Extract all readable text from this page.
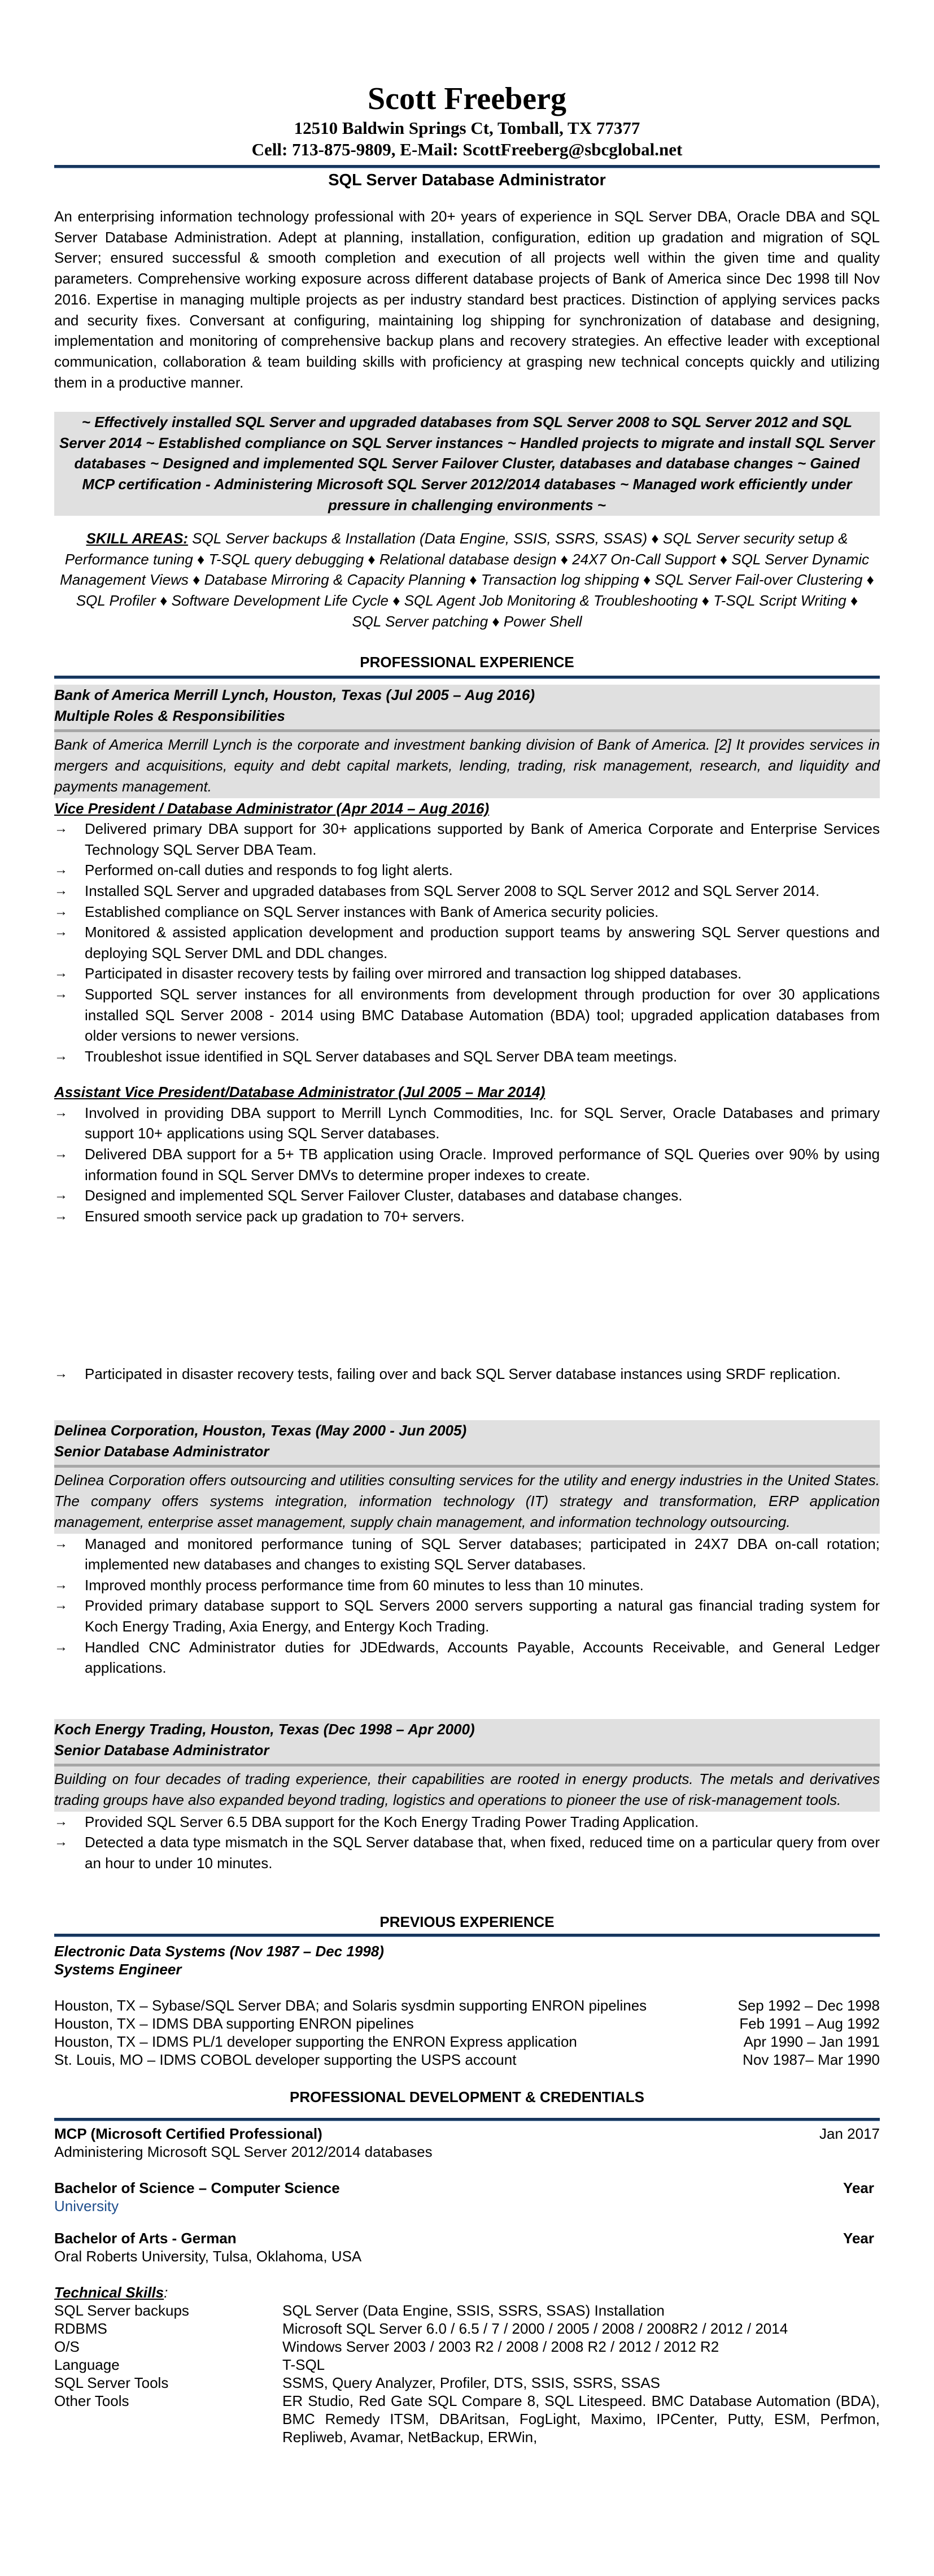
Scott Freeberg
12510 Baldwin Springs Ct, Tomball, TX 77377
Cell: 713-875-9809, E-Mail: ScottFreeberg@sbcglobal.net
SQL Server Database Administrator
An enterprising information technology professional with 20+ years of experience in SQL Server DBA, Oracle DBA and SQL Server Database Administration. Adept at planning, installation, configuration, edition up gradation and migration of SQL Server; ensured successful & smooth completion and execution of all projects well within the given time and quality parameters. Comprehensive working exposure across different database projects of Bank of America since Dec 1998 till Nov 2016. Expertise in managing multiple projects as per industry standard best practices. Distinction of applying services packs and security fixes. Conversant at configuring, maintaining log shipping for synchronization of database and designing, implementation and monitoring of comprehensive backup plans and recovery strategies. An effective leader with exceptional communication, collaboration & team building skills with proficiency at grasping new technical concepts quickly and utilizing them in a productive manner.
~ Effectively installed SQL Server and upgraded databases from SQL Server 2008 to SQL Server 2012 and SQL Server 2014 ~ Established compliance on SQL Server instances ~ Handled projects to migrate and install SQL Server databases ~ Designed and implemented SQL Server Failover Cluster, databases and database changes ~ Gained MCP certification - Administering Microsoft SQL Server 2012/2014 databases ~ Managed work efficiently under pressure in challenging environments ~
SKILL AREAS: SQL Server backups & Installation (Data Engine, SSIS, SSRS, SSAS) ♦ SQL Server security setup & Performance tuning ♦ T-SQL query debugging ♦ Relational database design ♦ 24X7 On-Call Support ♦ SQL Server Dynamic Management Views ♦ Database Mirroring & Capacity Planning ♦ Transaction log shipping ♦ SQL Server Fail-over Clustering ♦ SQL Profiler ♦ Software Development Life Cycle ♦ SQL Agent Job Monitoring & Troubleshooting ♦ T-SQL Script Writing ♦ SQL Server patching ♦ Power Shell
PROFESSIONAL EXPERIENCE
Bank of America Merrill Lynch, Houston, Texas (Jul 2005 – Aug 2016)
Multiple Roles & Responsibilities
Bank of America Merrill Lynch is the corporate and investment banking division of Bank of America. [2] It provides services in mergers and acquisitions, equity and debt capital markets, lending, trading, risk management, research, and liquidity and payments management.
Vice President / Database Administrator (Apr 2014 – Aug 2016)
→ Delivered primary DBA support for 30+ applications supported by Bank of America Corporate and Enterprise Services Technology SQL Server DBA Team.
→ Performed on-call duties and responds to fog light alerts.
→ Installed SQL Server and upgraded databases from SQL Server 2008 to SQL Server 2012 and SQL Server 2014.
→ Established compliance on SQL Server instances with Bank of America security policies.
→ Monitored & assisted application development and production support teams by answering SQL Server questions and deploying SQL Server DML and DDL changes.
→ Participated in disaster recovery tests by failing over mirrored and transaction log shipped databases.
→ Supported SQL server instances for all environments from development through production for over 30 applications installed SQL Server 2008 - 2014 using BMC Database Automation (BDA) tool; upgraded application databases from older versions to newer versions.
→ Troubleshot issue identified in SQL Server databases and SQL Server DBA team meetings.
Assistant Vice President/Database Administrator (Jul 2005 – Mar 2014)
→ Involved in providing DBA support to Merrill Lynch Commodities, Inc. for SQL Server, Oracle Databases and primary support 10+ applications using SQL Server databases.
→ Delivered DBA support for a 5+ TB application using Oracle. Improved performance of SQL Queries over 90% by using information found in SQL Server DMVs to determine proper indexes to create.
→ Designed and implemented SQL Server Failover Cluster, databases and database changes.
→ Ensured smooth service pack up gradation to 70+ servers.
→ Participated in disaster recovery tests, failing over and back SQL Server database instances using SRDF replication.
Delinea Corporation, Houston, Texas (May 2000 - Jun 2005)
Senior Database Administrator
Delinea Corporation offers outsourcing and utilities consulting services for the utility and energy industries in the United States. The company offers systems integration, information technology (IT) strategy and transformation, ERP application management, enterprise asset management, supply chain management, and information technology outsourcing.
→ Managed and monitored performance tuning of SQL Server databases; participated in 24X7 DBA on-call rotation; implemented new databases and changes to existing SQL Server databases.
→ Improved monthly process performance time from 60 minutes to less than 10 minutes.
→ Provided primary database support to SQL Servers 2000 servers supporting a natural gas financial trading system for Koch Energy Trading, Axia Energy, and Entergy Koch Trading.
→ Handled CNC Administrator duties for JDEdwards, Accounts Payable, Accounts Receivable, and General Ledger applications.
Koch Energy Trading, Houston, Texas (Dec 1998 – Apr 2000)
Senior Database Administrator
Building on four decades of trading experience, their capabilities are rooted in energy products. The metals and derivatives trading groups have also expanded beyond trading, logistics and operations to pioneer the use of risk-management tools.
→ Provided SQL Server 6.5 DBA support for the Koch Energy Trading Power Trading Application.
→ Detected a data type mismatch in the SQL Server database that, when fixed, reduced time on a particular query from over an hour to under 10 minutes.
PREVIOUS EXPERIENCE
Electronic Data Systems (Nov 1987 – Dec 1998)
Systems Engineer
Houston, TX – Sybase/SQL Server DBA; and Solaris sysdmin supporting ENRON pipelines	Sep 1992 – Dec 1998
Houston, TX – IDMS DBA supporting ENRON pipelines	Feb 1991 – Aug 1992
Houston, TX – IDMS PL/1 developer supporting the ENRON Express application	Apr 1990 – Jan 1991
St. Louis, MO – IDMS COBOL developer supporting the USPS account	Nov 1987– Mar 1990
PROFESSIONAL DEVELOPMENT & CREDENTIALS
MCP (Microsoft Certified Professional)	Jan 2017
Administering Microsoft SQL Server 2012/2014 databases
Bachelor of Science – Computer Science	Year
University
Bachelor of Arts - German	Year
Oral Roberts University, Tulsa, Oklahoma, USA
Technical Skills:
SQL Server backups	SQL Server (Data Engine, SSIS, SSRS, SSAS) Installation
RDBMS	Microsoft SQL Server 6.0 / 6.5 / 7 / 2000 / 2005 / 2008 / 2008R2 / 2012 / 2014
O/S	Windows Server 2003 / 2003 R2 / 2008 / 2008 R2 / 2012 / 2012 R2
Language	T-SQL
SQL Server Tools	SSMS, Query Analyzer, Profiler, DTS, SSIS, SSRS, SSAS
Other Tools	ER Studio, Red Gate SQL Compare 8, SQL Litespeed. BMC Database Automation (BDA), BMC Remedy ITSM, DBAritsan, FogLight, Maximo, IPCenter, Putty, ESM, Perfmon, Repliweb, Avamar, NetBackup, ERWin,
